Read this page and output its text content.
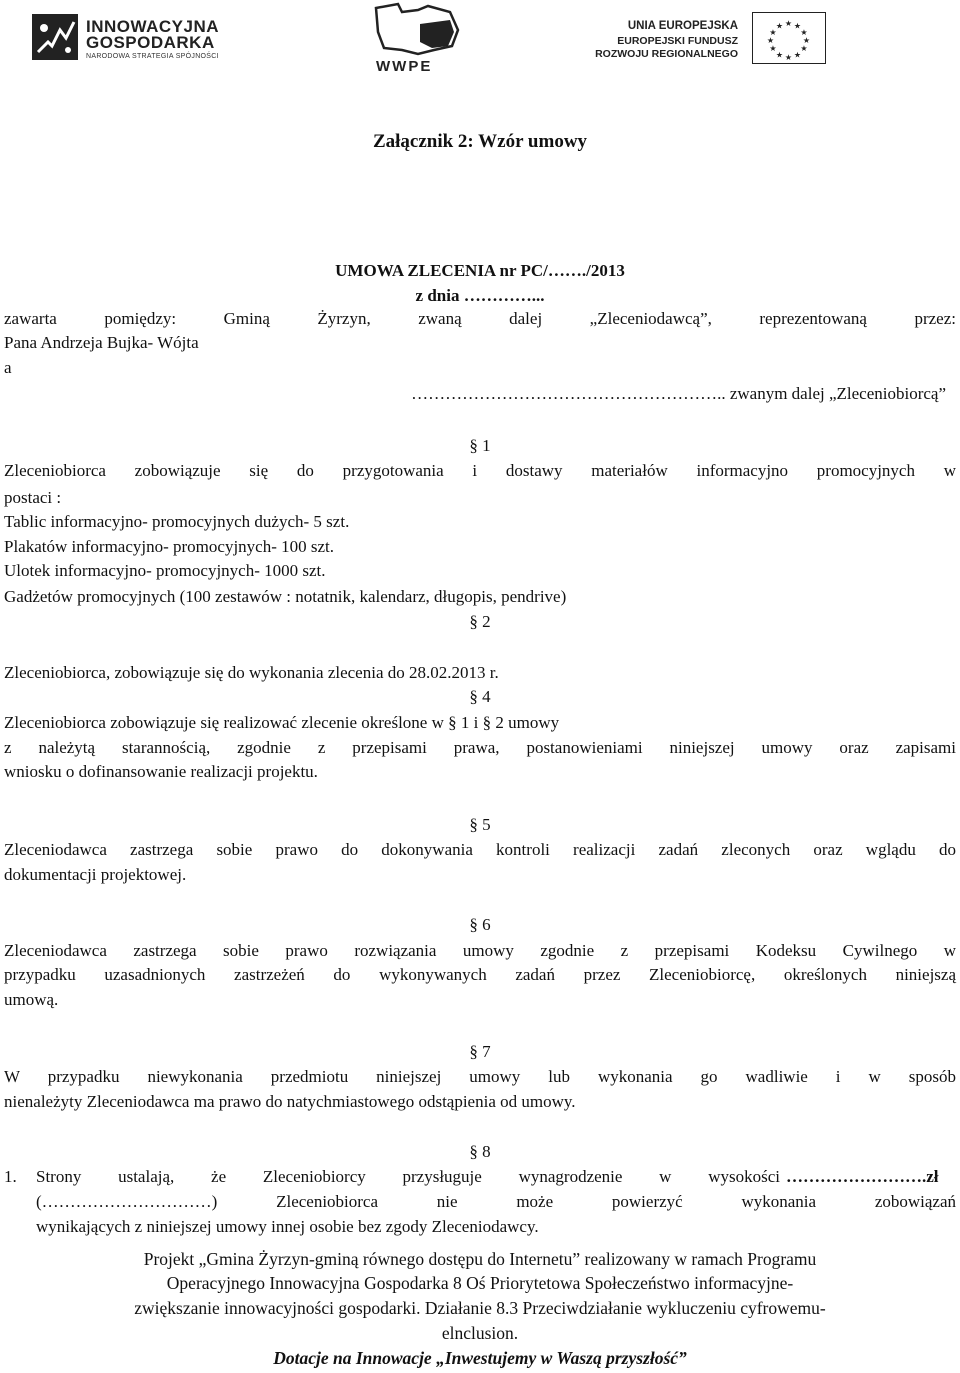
INNOWACYJNA
GOSPODARKA
NARODOWA STRATEGIA SPÓJNOŚCI
WWPE
UNIA EUROPEJSKA
EUROPEJSKI FUNDUSZ
ROZWOJU REGIONALNEGO
★ ★
★
★
★
★
★
★
★
★
★
★
Załącznik 2: Wzór umowy
UMOWA ZLECENIA nr PC/……./2013
z dnia …………...
zawarta pomiędzy: Gminą Żyrzyn, zwaną dalej „Zleceniodawcą”, reprezentowaną przez:
Pana Andrzeja Bujka- Wójta
a
……………………………………………….. zwanym dalej „Zleceniobiorcą”
§ 1
Zleceniobiorca zobowiązuje się do przygotowania i dostawy materiałów informacyjno promocyjnych w
postaci :
Tablic informacyjno- promocyjnych dużych- 5 szt.
Plakatów informacyjno- promocyjnych- 100 szt.
Ulotek informacyjno- promocyjnych- 1000 szt.
Gadżetów promocyjnych (100 zestawów : notatnik, kalendarz, długopis, pendrive)
§ 2
Zleceniobiorca, zobowiązuje się do wykonania zlecenia do 28.02.2013 r.
§ 4
Zleceniobiorca zobowiązuje się realizować zlecenie określone w § 1 i § 2 umowy
z należytą starannością, zgodnie z przepisami prawa, postanowieniami niniejszej umowy oraz zapisami
wniosku o dofinansowanie realizacji projektu.
§ 5
Zleceniodawca zastrzega sobie prawo do dokonywania kontroli realizacji zadań zleconych oraz wglądu do
dokumentacji projektowej.
§ 6
Zleceniodawca zastrzega sobie prawo rozwiązania umowy zgodnie z przepisami Kodeksu Cywilnego w
przypadku uzasadnionych zastrzeżeń do wykonywanych zadań przez Zleceniobiorcę, określonych niniejszą
umową.
§ 7
W przypadku niewykonania przedmiotu niniejszej umowy lub wykonania go wadliwie i w sposób
nienależyty Zleceniodawca ma prawo do natychmiastowego odstąpienia od umowy.
§ 8
1.	Strony ustalają, że Zleceniobiorcy przysługuje wynagrodzenie w wysokości …………………….zł
(…………………………) Zleceniobiorca nie może powierzyć wykonania zobowiązań
wynikających z niniejszej umowy innej osobie bez zgody Zleceniodawcy.
Projekt „Gmina Żyrzyn-gminą równego dostępu do Internetu” realizowany w ramach Programu
Operacyjnego Innowacyjna Gospodarka 8 Oś Priorytetowa Społeczeństwo informacyjne-
zwiększanie innowacyjności gospodarki. Działanie 8.3 Przeciwdziałanie wykluczeniu cyfrowemu-
elnclusion.
Dotacje na Innowacje „Inwestujemy w Waszą przyszłość”
